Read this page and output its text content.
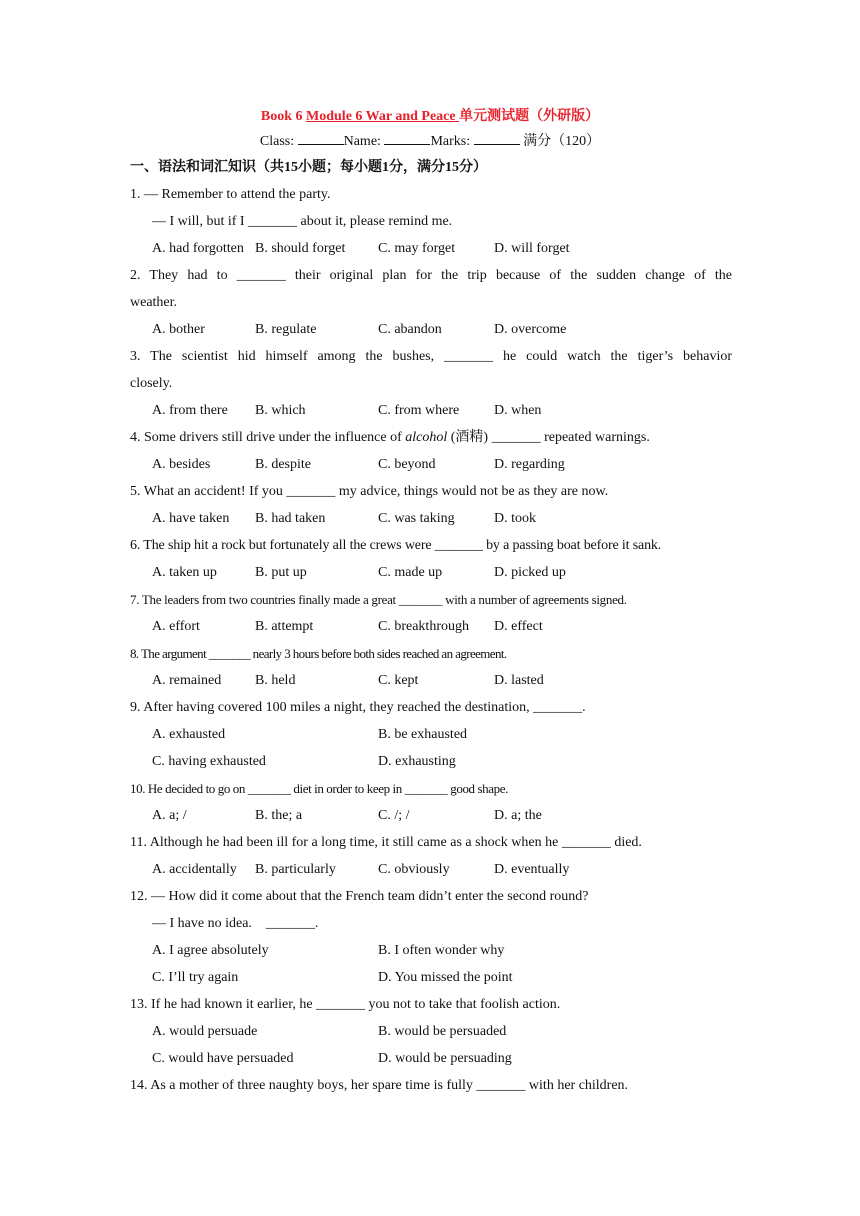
Book 6 Module 6 War and Peace 单元测试题（外研版）
Class:	Name:	Marks:	满分（120）
一、语法和词汇知识（共15小题；每小题1分，满分15分）
1. — Remember to attend the party.
— I will, but if I _______ about it, please remind me.
A. had forgotten B. should forget C. may forget	D. will forget
2. They had to _______ their original plan for the trip because of the sudden change of the
weather.
A. bother	B. regulate	C. abandon	D. overcome
3. The scientist hid himself among the bushes, _______ he could watch the tiger’s behavior
closely.
A. from there B. which	C. from where D. when
4. Some drivers still drive under the influence of alcohol (酒精) _______ repeated warnings.
A. besides	B. despite	C. beyond	D. regarding
5. What an accident! If you _______ my advice, things would not be as they are now.
A. have taken B. had taken	C. was taking	D. took
6. The ship hit a rock but fortunately all the crews were _______ by a passing boat before it sank.
A. taken up	B. put up	C. made up	D. picked up
7. The leaders from two countries finally made a great _______ with a number of agreements signed.
A. effort	B. attempt	C. breakthrough D. effect
8. The argument _______ nearly 3 hours before both sides reached an agreement.
A. remained B. held	C. kept	D. lasted
9. After having covered 100 miles a night, they reached the destination, _______.
A. exhausted	B. be exhausted
C. having exhausted	D. exhausting
10. He decided to go on _______ diet in order to keep in _______ good shape.
A. a; /	B. the; a	C. /; /	D. a; the
11. Although he had been ill for a long time, it still came as a shock when he _______ died.
A. accidentally B. particularly	C. obviously	D. eventually
12. — How did it come about that the French team didn’t enter the second round?
— I have no idea.    _______.
A. I agree absolutely	B. I often wonder why
C. I’ll try again	D. You missed the point
13. If he had known it earlier, he _______ you not to take that foolish action.
A. would persuade	B. would be persuaded
C. would have persuaded	D. would be persuading
14. As a mother of three naughty boys, her spare time is fully _______ with her children.
